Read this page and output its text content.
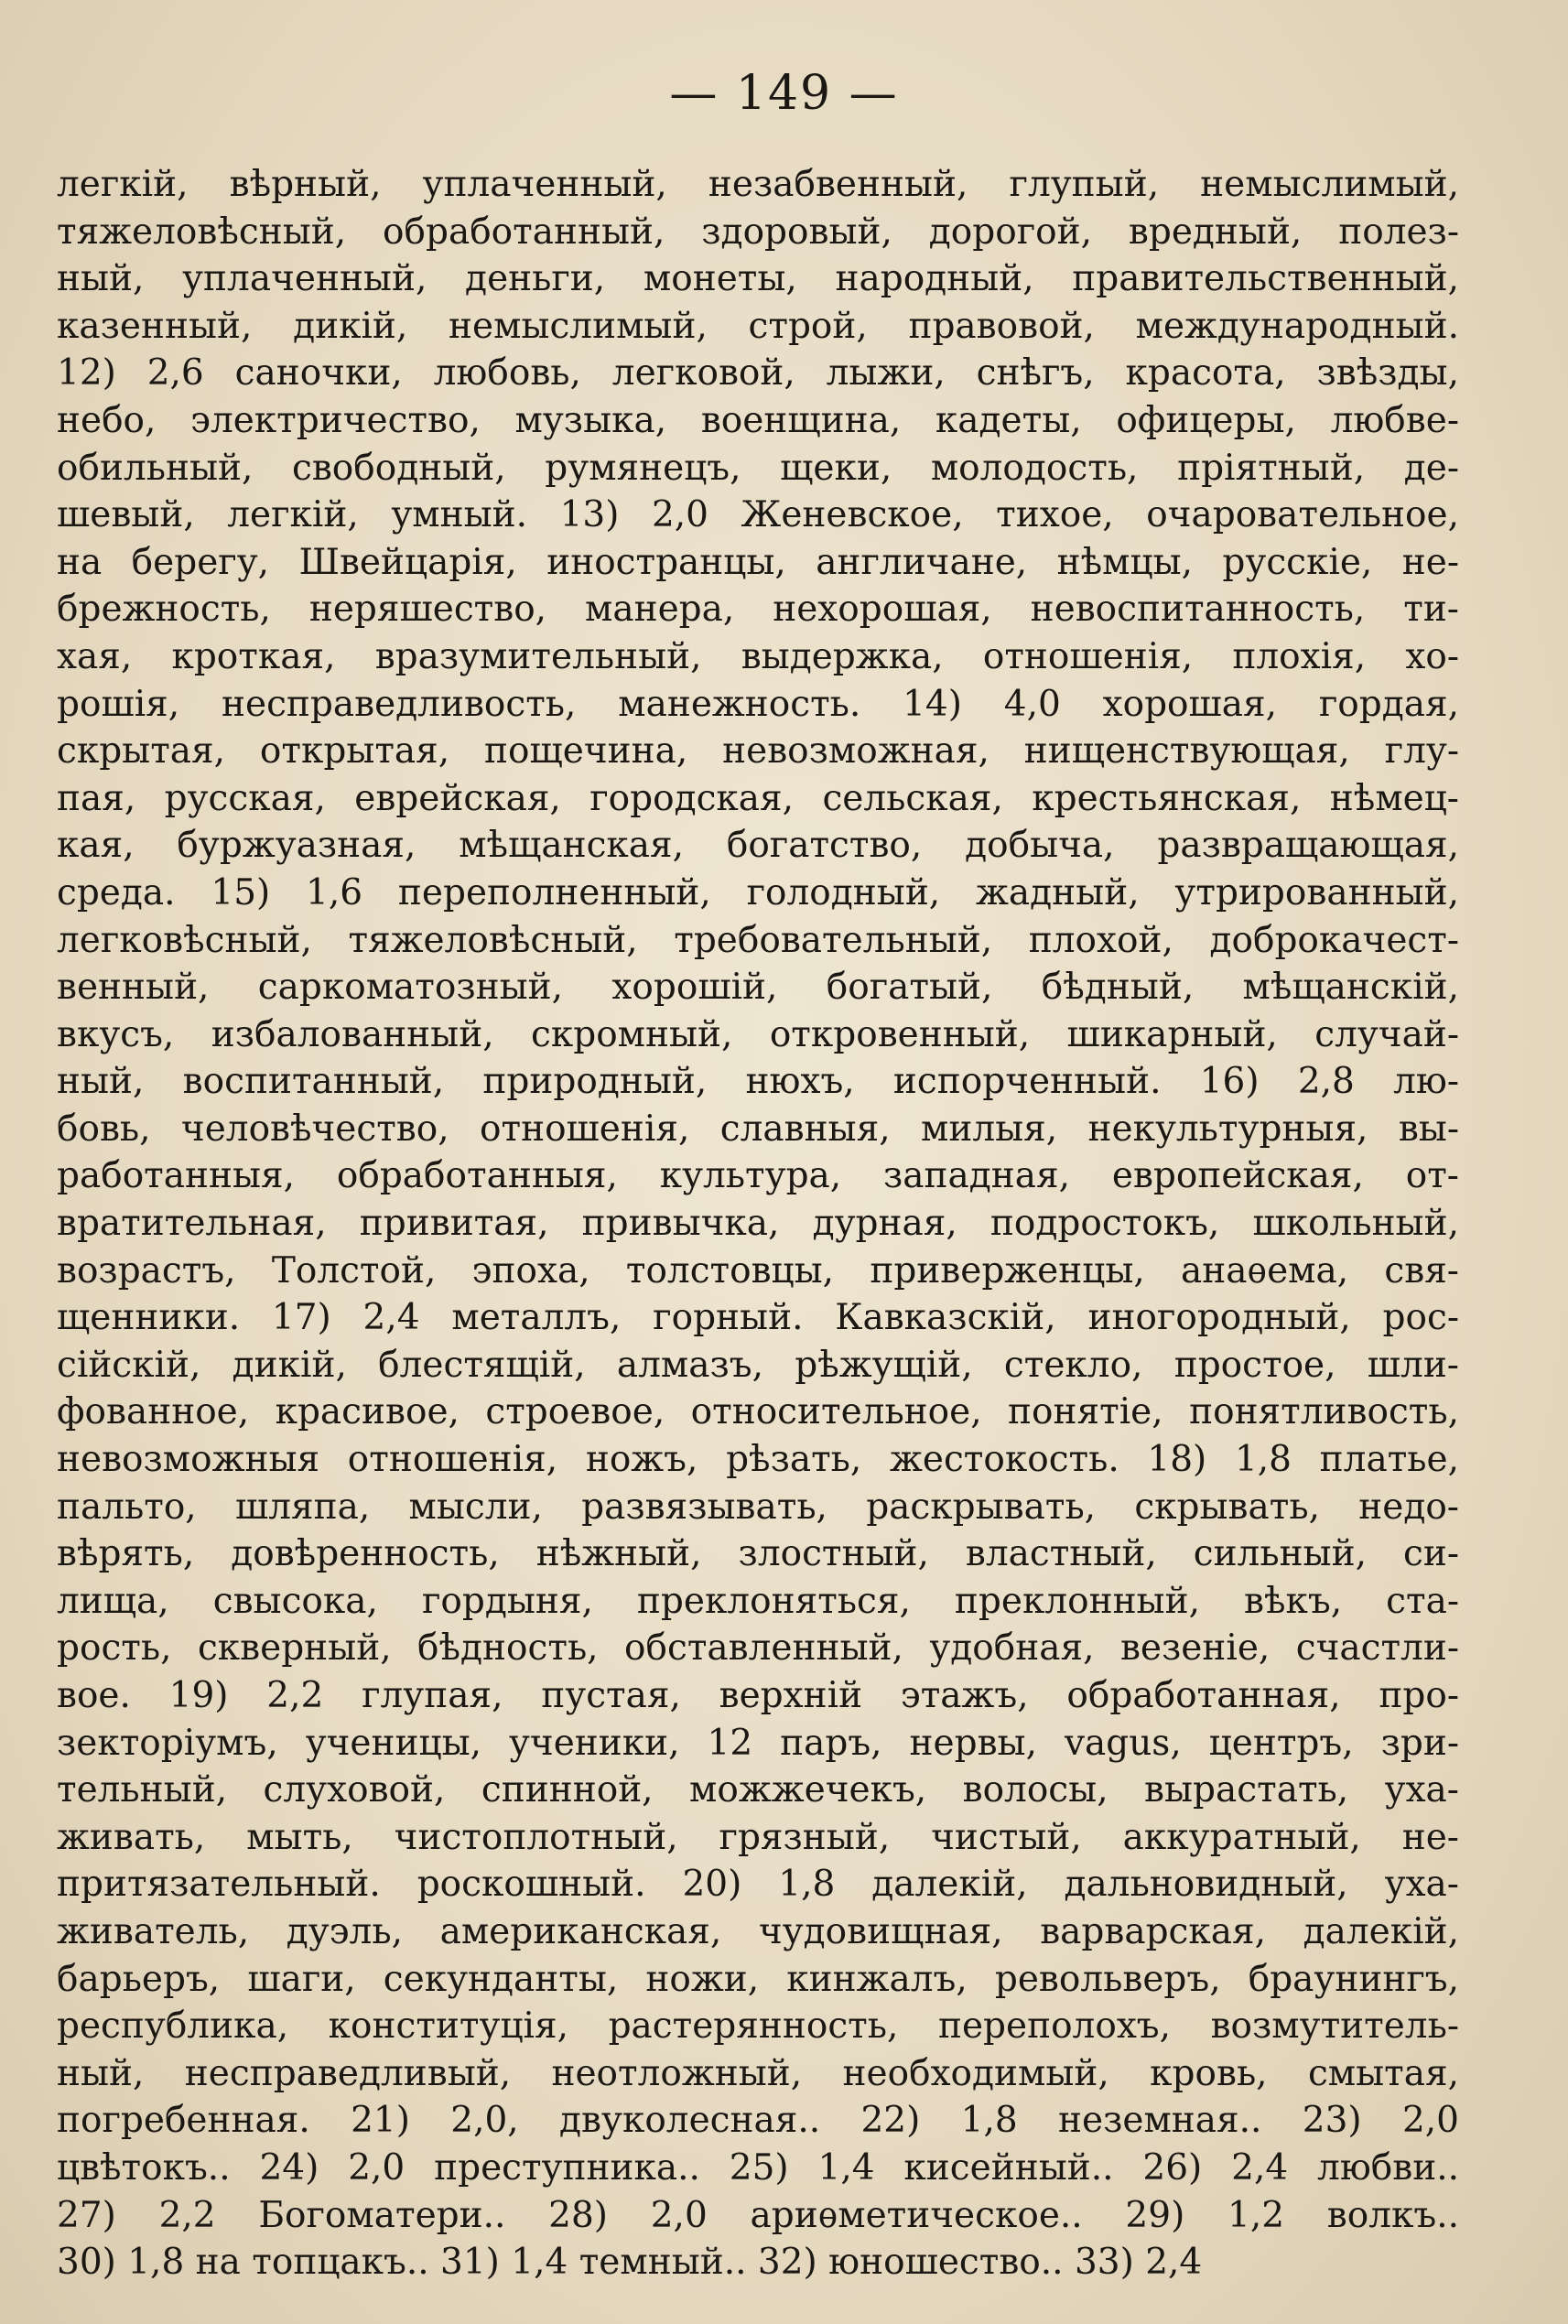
— 149 —
легкій, вѣрный, уплаченный, незабвенный, глупый, немыслимый,
тяжеловѣсный, обработанный, здоровый, дорогой, вредный, полез-
ный, уплаченный, деньги, монеты, народный, правительственный,
казенный, дикій, немыслимый, строй, правовой, международный.
12) 2,6 саночки, любовь, легковой, лыжи, снѣгъ, красота, звѣзды,
небо, электричество, музыка, военщина, кадеты, офицеры, любве-
обильный, свободный, румянецъ, щеки, молодость, пріятный, де-
шевый, легкій, умный. 13) 2,0 Женевское, тихое, очаровательное,
на берегу, Швейцарія, иностранцы, англичане, нѣмцы, русскіе, не-
брежность, неряшество, манера, нехорошая, невоспитанность, ти-
хая, кроткая, вразумительный, выдержка, отношенія, плохія, хо-
рошія, несправедливость, манежность. 14) 4,0 хорошая, гордая,
скрытая, открытая, пощечина, невозможная, нищенствующая, глу-
пая, русская, еврейская, городская, сельская, крестьянская, нѣмец-
кая, буржуазная, мѣщанская, богатство, добыча, развращающая,
среда. 15) 1,6 переполненный, голодный, жадный, утрированный,
легковѣсный, тяжеловѣсный, требовательный, плохой, доброкачест-
венный, саркоматозный, хорошій, богатый, бѣдный, мѣщанскій,
вкусъ, избалованный, скромный, откровенный, шикарный, случай-
ный, воспитанный, природный, нюхъ, испорченный. 16) 2,8 лю-
бовь, человѣчество, отношенія, славныя, милыя, некультурныя, вы-
работанныя, обработанныя, культура, западная, европейская, от-
вратительная, привитая, привычка, дурная, подростокъ, школьный,
возрастъ, Толстой, эпоха, толстовцы, приверженцы, анаѳема, свя-
щенники. 17) 2,4 металлъ, горный. Кавказскій, иногородный, рос-
сійскій, дикій, блестящій, алмазъ, рѣжущій, стекло, простое, шли-
фованное, красивое, строевое, относительное, понятіе, понятливость,
невозможныя отношенія, ножъ, рѣзать, жестокость. 18) 1,8 платье,
пальто, шляпа, мысли, развязывать, раскрывать, скрывать, недо-
вѣрять, довѣренность, нѣжный, злостный, властный, сильный, си-
лища, свысока, гордыня, преклоняться, преклонный, вѣкъ, ста-
рость, скверный, бѣдность, обставленный, удобная, везеніе, счастли-
вое. 19) 2,2 глупая, пустая, верхній этажъ, обработанная, про-
зекторіумъ, ученицы, ученики, 12 паръ, нервы, vagus, центръ, зри-
тельный, слуховой, спинной, можжечекъ, волосы, вырастать, уха-
живать, мыть, чистоплотный, грязный, чистый, аккуратный, не-
притязательный. роскошный. 20) 1,8 далекій, дальновидный, уха-
живатель, дуэль, американская, чудовищная, варварская, далекій,
барьеръ, шаги, секунданты, ножи, кинжалъ, револьверъ, браунингъ,
республика, конституція, растерянность, переполохъ, возмутитель-
ный, несправедливый, неотложный, необходимый, кровь, смытая,
погребенная. 21) 2,0, двуколесная.. 22) 1,8 неземная.. 23) 2,0
цвѣтокъ.. 24) 2,0 преступника.. 25) 1,4 кисейный.. 26) 2,4 любви..
27) 2,2 Богоматери.. 28) 2,0 ариѳметическое.. 29) 1,2 волкъ..
30) 1,8 на топцакъ.. 31) 1,4 темный.. 32) юношество.. 33) 2,4
